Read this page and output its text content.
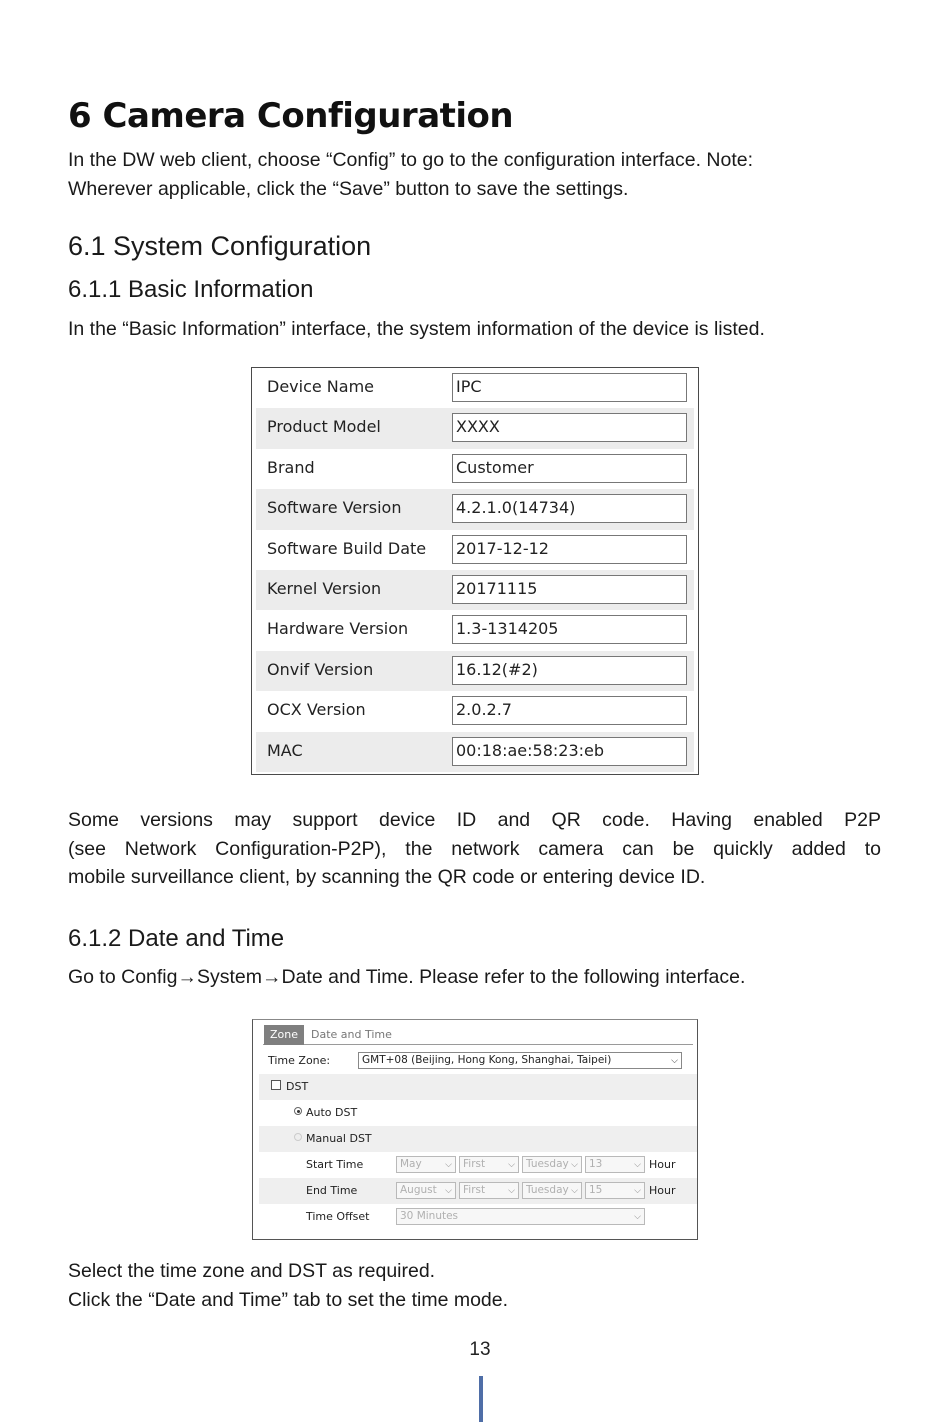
6 Camera Configuration
In the DW web client, choose “Config” to go to the configuration interface. Note:
Wherever applicable, click the “Save” button to save the settings.
6.1 System Configuration
6.1.1 Basic Information
In the “Basic Information” interface, the system information of the device is listed.
Device Name	IPC
Product Model	XXXX
Brand	Customer
Software Version	4.2.1.0(14734)
Software Build Date 2017-12-12
Kernel Version	20171115
Hardware Version	1.3-1314205
Onvif Version	16.12(#2)
OCX Version	2.0.2.7
MAC	00:18:ae:58:23:eb
Some versions may support device ID and QR code. Having enabled P2P
(see Network Configuration-P2P), the network camera can be quickly added to
mobile surveillance client, by scanning the QR code or entering device ID.
6.1.2 Date and Time
Go to Config→System→Date and Time. Please refer to the following interface.
Zone	Date and Time
Time Zone:	GMT+08 (Beijing, Hong Kong, Shanghai, Taipei)	⌵
DST
Auto DST
Manual DST
Start Time	May	⌵	First	⌵	Tuesday ⌵	13	⌵ Hour
End Time	August ⌵	First	⌵	Tuesday ⌵	15	⌵ Hour
Time Offset	30 Minutes	⌵
Select the time zone and DST as required.
Click the “Date and Time” tab to set the time mode.
13
